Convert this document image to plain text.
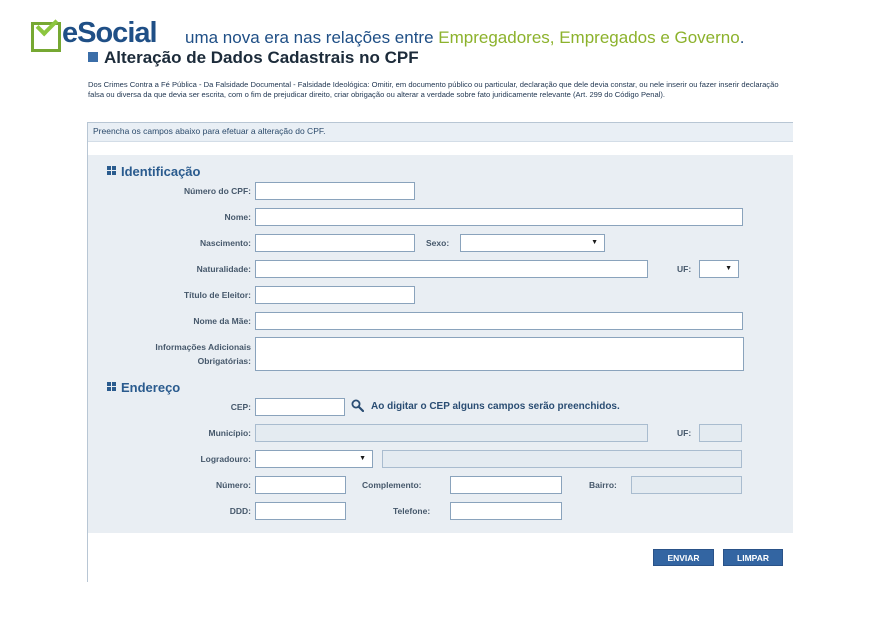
eSocial uma nova era nas relações entre Empregadores, Empregados e Governo.
Alteração de Dados Cadastrais no CPF
Dos Crimes Contra a Fé Pública - Da Falsidade Documental - Falsidade Ideológica: Omitir, em documento público ou particular, declaração que dele devia constar, ou nele inserir ou fazer inserir declaração falsa ou diversa da que devia ser escrita, com o fim de prejudicar direito, criar obrigação ou alterar a verdade sobre fato juridicamente relevante (Art. 299 do Código Penal).
Preencha os campos abaixo para efetuar a alteração do CPF.
Identificação
Número do CPF:
Nome:
Nascimento:	Sexo:	▼
Naturalidade:	UF:	▼
Título de Eleitor:
Nome da Mãe:
Informações Adicionais
Obrigatórias:
Endereço
CEP:	Ao digitar o CEP alguns campos serão preenchidos.
Município:	UF:
Logradouro:	▼
Número:	Complemento:	Bairro:
DDD:	Telefone:
ENVIAR	LIMPAR
